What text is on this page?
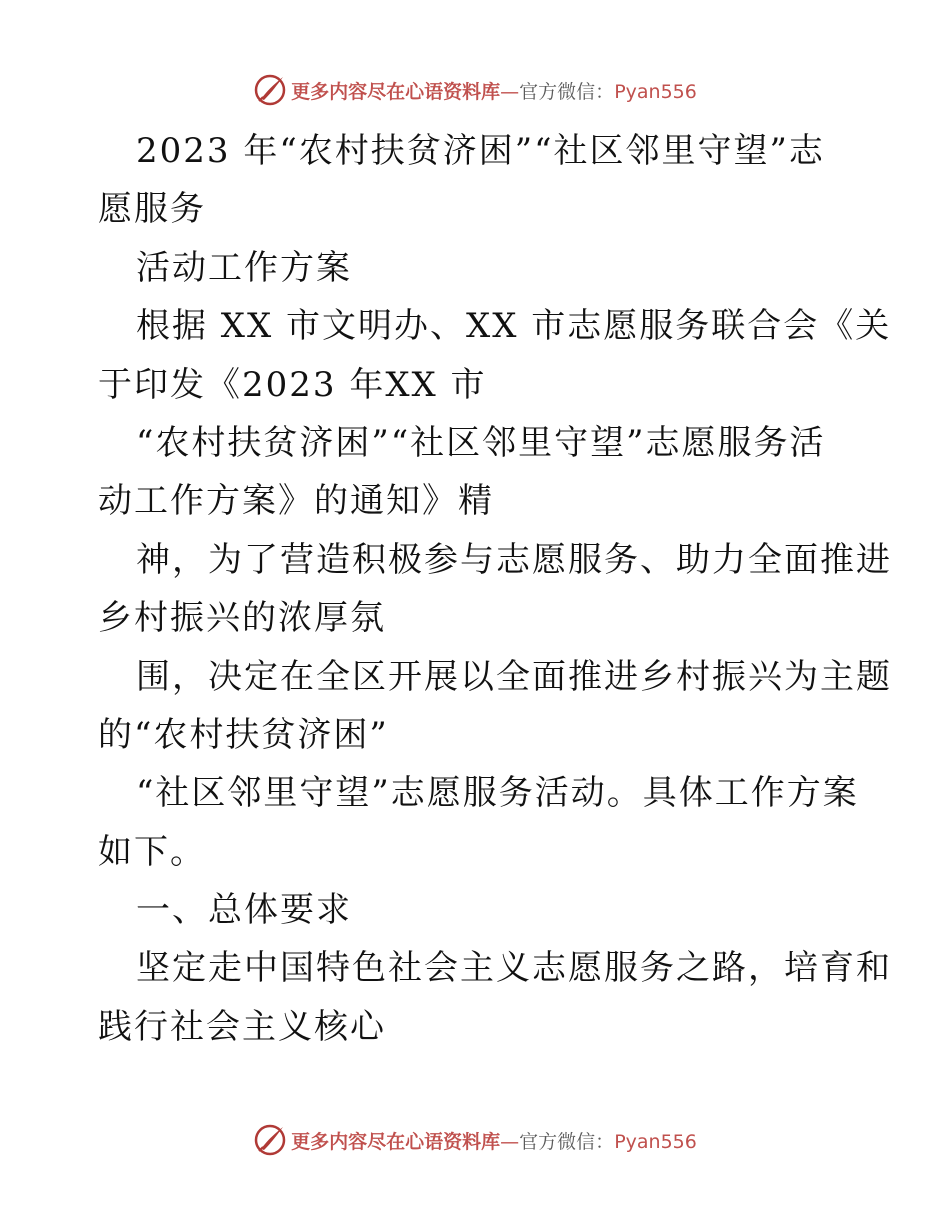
更多内容尽在心语资料库—官方微信：Pyan556
2023 年“农村扶贫济困”“社区邻里守望”志
愿服务
活动工作方案
根据 XX 市文明办、XX 市志愿服务联合会《关
于印发《2023 年XX 市
“农村扶贫济困”“社区邻里守望”志愿服务活
动工作方案》的通知》精
神，为了营造积极参与志愿服务、助力全面推进
乡村振兴的浓厚氛
围，决定在全区开展以全面推进乡村振兴为主题
的“农村扶贫济困”
“社区邻里守望”志愿服务活动。具体工作方案
如下。
一、总体要求
坚定走中国特色社会主义志愿服务之路，培育和
践行社会主义核心
更多内容尽在心语资料库—官方微信：Pyan556
